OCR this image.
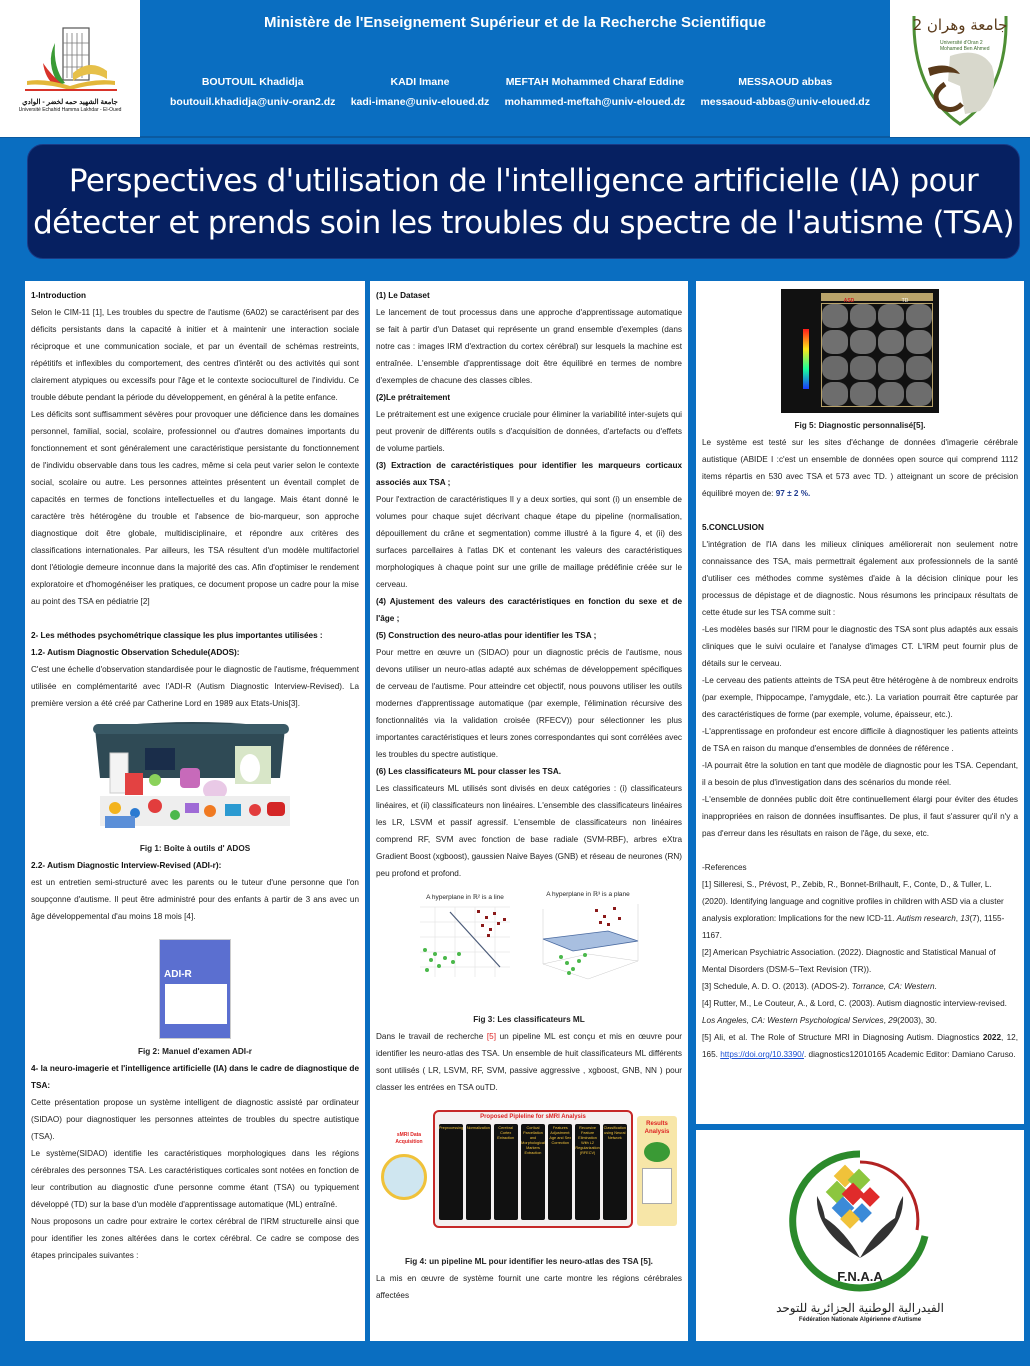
جامعة الشهيد حمه لخضر - الوادي
Université Echahid Hamma Lakhdar - El-Oued
Ministère de l'Enseignement Supérieur et de la Recherche Scientifique
BOUTOUIL Khadidja
boutouil.khadidja@univ-oran2.dz
KADI Imane
kadi-imane@univ-eloued.dz
MEFTAH Mohammed Charaf Eddine
mohammed-meftah@univ-eloued.dz
MESSAOUD abbas
messaoud-abbas@univ-eloued.dz
جامعة وهران 2
Université d'Oran 2
Mohamed Ben Ahmed
Perspectives d'utilisation de l'intelligence artificielle (IA) pour
détecter et prends soin les troubles du spectre de l'autisme (TSA)

1-Introduction

Selon le CIM-11 [1], Les troubles du spectre de l'autisme (6A02) se caractérisent par des déficits persistants dans la capacité à initier et à maintenir une interaction sociale réciproque et une communication sociale, et par un éventail de schémas restreints, répétitifs et inflexibles du comportement, des centres d'intérêt ou des activités qui sont clairement atypiques ou excessifs pour l'âge et le contexte socioculturel de l'individu. Ce trouble débute pendant la période du développement, en général à la petite enfance.

Les déficits sont suffisamment sévères pour provoquer une déficience dans les domaines personnel, familial, social, scolaire, professionnel ou d'autres domaines importants du fonctionnement et sont généralement une caractéristique persistante du fonctionnement de l'individu observable dans tous les cadres, même si cela peut varier selon le contexte social, scolaire ou autre. Les personnes atteintes présentent un éventail complet de capacités en termes de fonctions intellectuelles et du langage. Mais étant donné le caractère très hétérogène du trouble et l'absence de bio-marqueur, son approche diagnostique doit être globale, multidisciplinaire, et répondre aux critères des classifications internationales. Par ailleurs, les TSA résultent d'un modèle multifactoriel dont l'étiologie demeure inconnue dans la majorité des cas. Afin d'optimiser le rendement exploratoire et d'homogénéiser les pratiques, ce document propose un cadre pour la mise au point des TSA en pédiatrie [2]

2- Les méthodes psychométrique classique les plus importantes utilisées :

1.2- Autism Diagnostic Observation Schedule(ADOS):

C'est une échelle d'observation standardisée pour le diagnostic de l'autisme, fréquemment utilisée en complémentarité avec l'ADI-R (Autism Diagnostic Interview-Revised). La première version a été créé par Catherine Lord en 1989 aux Etats-Unis[3].

Fig 1: Boîte à outils d' ADOS

2.2- Autism Diagnostic Interview-Revised (ADI-r):

est un entretien semi-structuré avec les parents ou le tuteur d'une personne que l'on soupçonne d'autisme. Il peut être administré pour des enfants à partir de 3 ans avec un âge développemental d'au moins 18 mois [4].

ADI-R

Fig 2: Manuel d'examen ADI-r

4- la neuro-imagerie et l'intelligence artificielle (IA) dans le cadre de diagnostique de TSA:

Cette présentation propose un système intelligent de diagnostic assisté par ordinateur (SIDAO) pour diagnostiquer les personnes atteintes de troubles du spectre autistique (TSA).

Le système(SIDAO) identifie les caractéristiques morphologiques dans les régions cérébrales des personnes TSA. Les caractéristiques corticales sont notées en fonction de leur contribution au diagnostic d'une personne comme étant (TSA) ou typiquement développé (TD) sur la base d'un modèle d'apprentissage automatique (ML) entraîné.

Nous proposons un cadre pour extraire le cortex cérébral de l'IRM structurelle ainsi que pour identifier les zones altérées dans le cortex cérébral. Ce cadre se compose des étapes principales suivantes :

(1) Le Dataset

Le lancement de tout processus dans une approche d'apprentissage automatique se fait à partir d'un Dataset qui représente un grand ensemble d'exemples (dans notre cas : images IRM d'extraction du cortex cérébral) sur lesquels la machine est entraînée. L'ensemble d'apprentissage doit être équilibré en termes de nombre d'exemples de chacune des classes cibles.

(2)Le prétraitement

Le prétraitement est une exigence cruciale pour éliminer la variabilité inter-sujets qui peut provenir de différents outils s d'acquisition de données, d'artefacts ou d'effets de volume partiels.

(3) Extraction de caractéristiques pour identifier les marqueurs corticaux associés aux TSA ;

Pour l'extraction de caractéristiques Il y a deux sorties, qui sont (i) un ensemble de volumes pour chaque sujet décrivant chaque étape du pipeline (normalisation, dépouillement du crâne et segmentation) comme illustré à la figure 4, et (ii) des surfaces parcellaires à l'atlas DK et contenant les valeurs des caractéristiques morphologiques à chaque point sur une grille de maillage prédéfinie créée sur le cerveau.

(4) Ajustement des valeurs des caractéristiques en fonction du sexe et de l'âge ;

(5) Construction des neuro-atlas pour identifier les TSA ;

Pour mettre en œuvre un (SIDAO) pour un diagnostic précis de l'autisme, nous devons utiliser un neuro-atlas adapté aux schémas de développement spécifiques de cerveau de l'autisme. Pour atteindre cet objectif, nous pouvons utiliser les outils modernes d'apprentissage automatique (par exemple, l'élimination récursive des fonctionnalités via la validation croisée (RFECV)) pour sélectionner les plus importantes caractéristiques et leurs zones correspondantes qui sont corrélées avec les troubles du spectre autistique.

(6) Les classificateurs ML pour classer les TSA.

Les classificateurs ML utilisés sont divisés en deux catégories : (i) classificateurs linéaires, et (ii) classificateurs non linéaires. L'ensemble des classificateurs linéaires les LR, LSVM et passif agressif. L'ensemble de classificateurs non linéaires comprend RF, SVM avec fonction de base radiale (SVM-RBF), arbres eXtra Gradient Boost (xgboost), gaussien Naive Bayes (GNB) et réseau de neurones (RN) peu profond et profond.

A hyperplane in ℝ² is a line	A hyperplane in ℝ³ is a plane

Fig 3: Les classificateurs ML

Dans le travail de recherche [5] un pipeline ML est conçu et mis en œuvre pour identifier les neuro-atlas des TSA. Un ensemble de huit classificateurs ML différents sont utilisés ( LR, LSVM, RF, SVM, passive aggressive , xgboost, GNB, NN ) pour classer les entrées en TSA ouTD.

sMRI Data Acquisition
Proposed Pipleline for sMRI Analysis
Preprocessing Normalization	Cerebral Cortex Extraction
Cortical Parcellation and Morphological Markers Extraction
Features Adjustment: Age and Sex Correction
Recursive Feature Elimination With L2 Regularization (RFECV)
Classification using Neural Network
Results Analysis

Fig 4: un pipeline ML pour identifier les neuro-atlas des TSA [5].

La mis en œuvre de système fournit une carte montre les régions cérébrales affectées

ASD	TD

Fig 5: Diagnostic personnalisé[5].

Le système est testé sur les sites d'échange de données d'imagerie cérébrale autistique (ABIDE I :c'est un ensemble de données open source qui comprend 1112 items répartis en 530 avec TSA et 573 avec TD. ) atteignant un score de précision équilibré moyen de: 97 ± 2 %.

5.CONCLUSION

L'intégration de l'IA dans les milieux cliniques améliorerait non seulement notre connaissance des TSA, mais permettrait également aux professionnels de la santé d'utiliser ces méthodes comme systèmes d'aide à la décision clinique pour les processus de dépistage et de diagnostic. Nous résumons les principaux résultats de cette étude sur les TSA comme suit :

-Les modèles basés sur l'IRM pour le diagnostic des TSA sont plus adaptés aux essais cliniques que le suivi oculaire et l'analyse d'images CT. L'IRM peut fournir plus de détails sur le cerveau.

-Le cerveau des patients atteints de TSA peut être hétérogène à de nombreux endroits (par exemple, l'hippocampe, l'amygdale, etc.). La variation pourrait être capturée par des caractéristiques de forme (par exemple, volume, épaisseur, etc.).

-L'apprentissage en profondeur est encore difficile à diagnostiquer les patients atteints de TSA en raison du manque d'ensembles de données de référence .

-IA pourrait être la solution en tant que modèle de diagnostic pour les TSA. Cependant, il a besoin de plus d'investigation dans des scénarios du monde réel.

-L'ensemble de données public doit être continuellement élargi pour éviter des études inappropriées en raison de données insuffisantes. De plus, il faut s'assurer qu'il n'y a pas d'erreur dans les résultats en raison de l'âge, du sexe, etc.

-References

[1] Silleresi, S., Prévost, P., Zebib, R., Bonnet-Brilhault, F., Conte, D., & Tuller, L. (2020). Identifying language and cognitive profiles in children with ASD via a cluster analysis exploration: Implications for the new ICD-11. Autism research, 13(7), 1155-1167.

[2] American Psychiatric Association. (2022). Diagnostic and Statistical Manual of Mental Disorders (DSM-5–Text Revision (TR)).

[3] Schedule, A. D. O. (2013). (ADOS-2). Torrance, CA: Western.

[4] Rutter, M., Le Couteur, A., & Lord, C. (2003). Autism diagnostic interview-revised. Los Angeles, CA: Western Psychological Services, 29(2003), 30.

[5] Ali, et al. The Role of Structure MRI in Diagnosing Autism. Diagnostics 2022, 12, 165. https://doi.org/10.3390/. diagnostics12010165 Academic Editor: Damiano Caruso.

F.N.A.A
الفيدرالية الوطنية الجزائرية للتوحد
Fédération Nationale Algérienne d'Autisme
